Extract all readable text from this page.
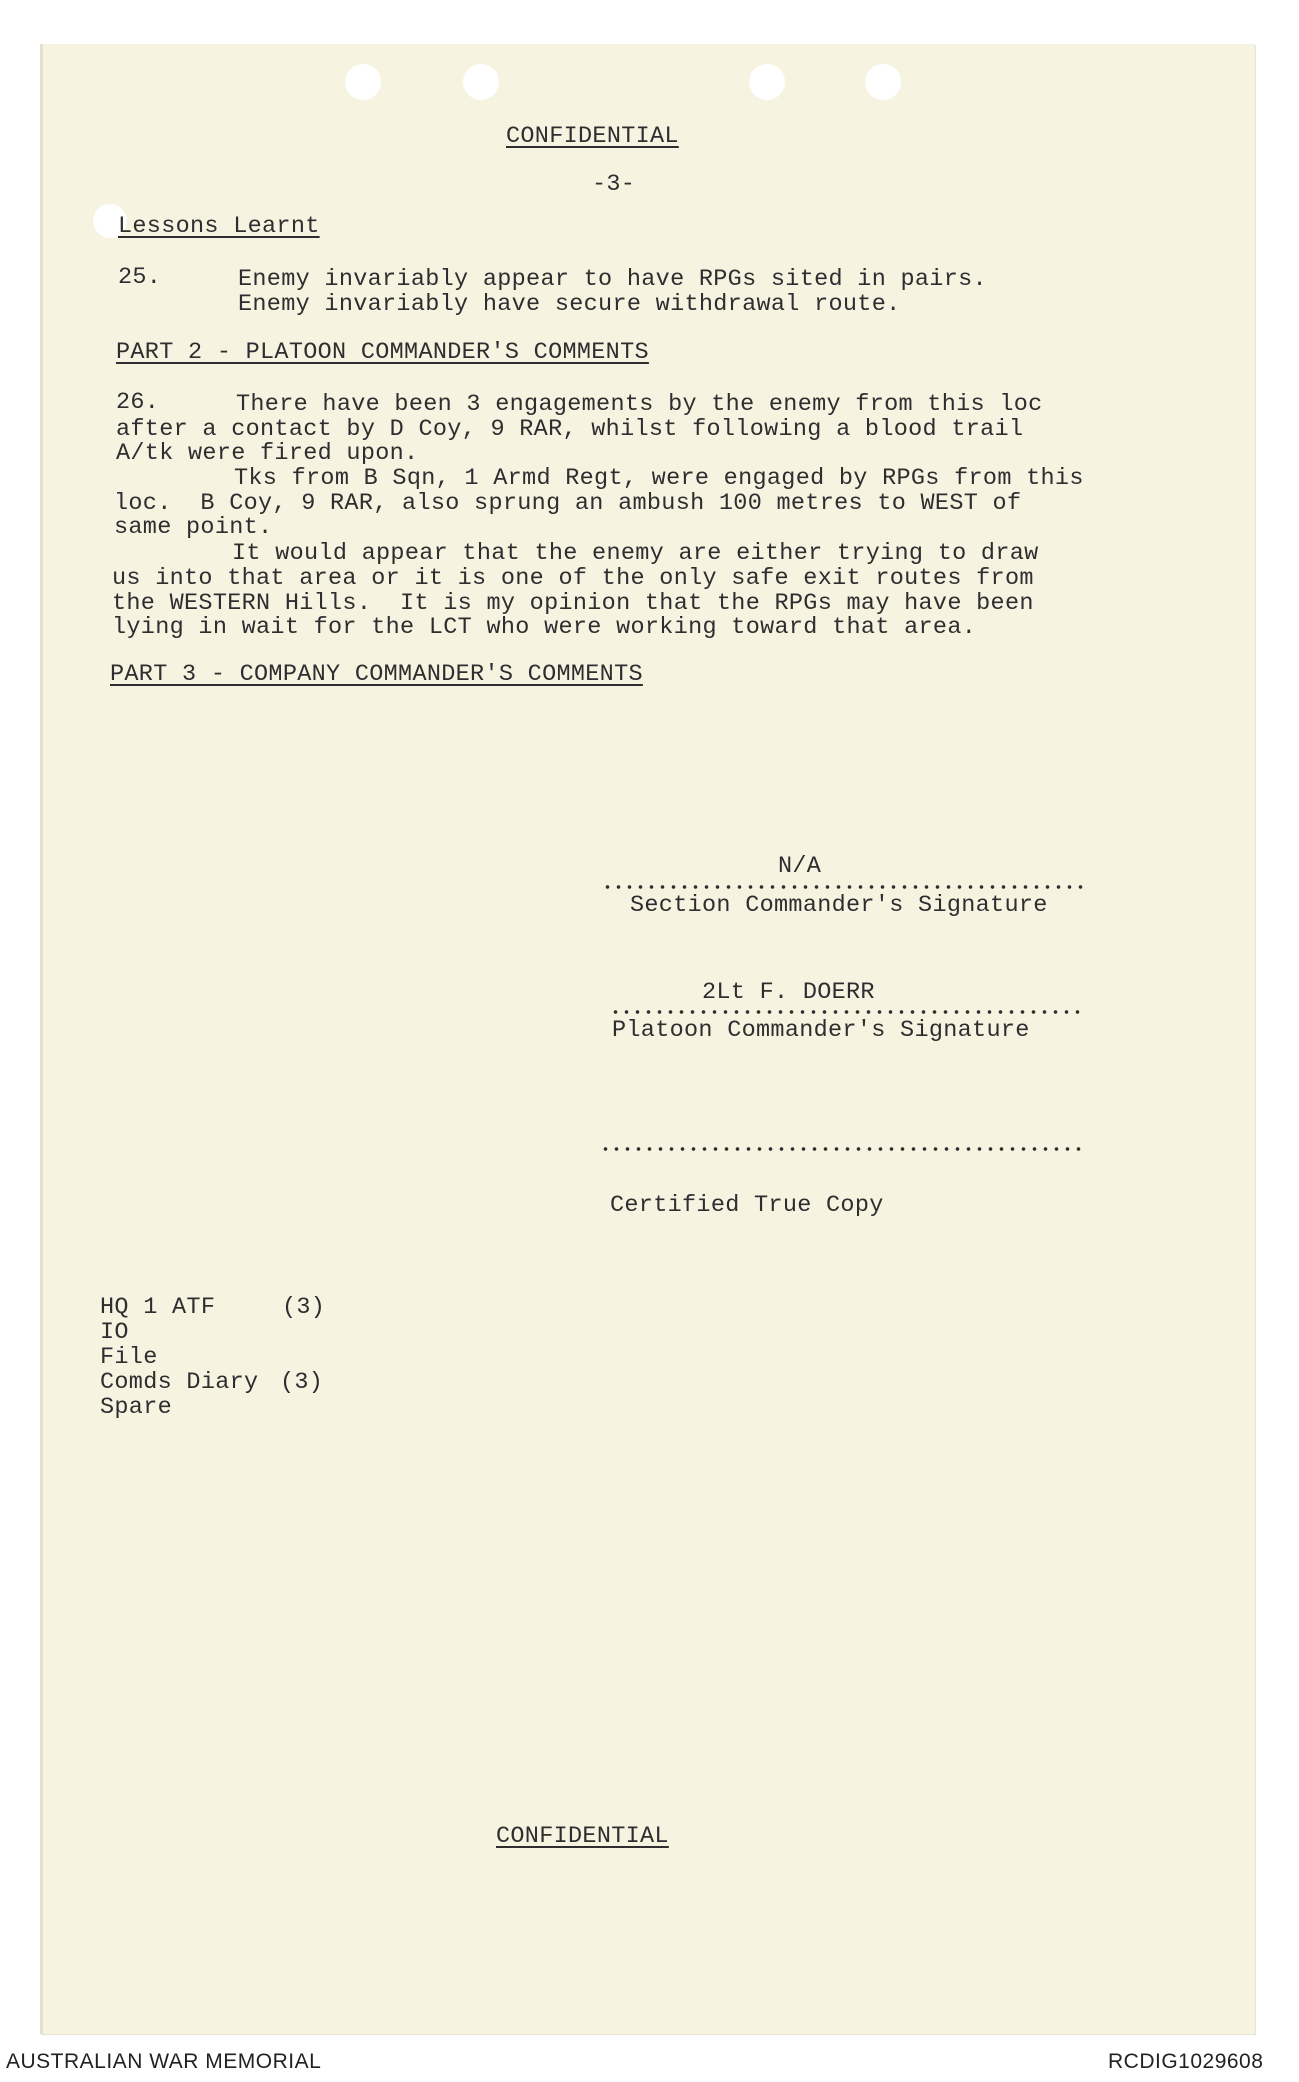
CONFIDENTIAL
-3-
Lessons Learnt
25.	Enemy invariably appear to have RPGs sited in pairs.
Enemy invariably have secure withdrawal route.
PART 2 - PLATOON COMMANDER'S COMMENTS
26.	There have been 3 engagements by the enemy from this loc
after a contact by D Coy, 9 RAR, whilst following a blood trail
A/tk were fired upon.
Tks from B Sqn, 1 Armd Regt, were engaged by RPGs from this
loc.  B Coy, 9 RAR, also sprung an ambush 100 metres to WEST of
same point.
It would appear that the enemy are either trying to draw
us into that area or it is one of the only safe exit routes from
the WESTERN Hills.  It is my opinion that the RPGs may have been
lying in wait for the LCT who were working toward that area.
PART 3 - COMPANY COMMANDER'S COMMENTS
N/A
Section Commander's Signature
2Lt F. DOERR
Platoon Commander's Signature
Certified True Copy
HQ 1 ATF	(3)
IO
File
Comds Diary (3)
Spare
CONFIDENTIAL
AUSTRALIAN WAR MEMORIAL	RCDIG1029608
